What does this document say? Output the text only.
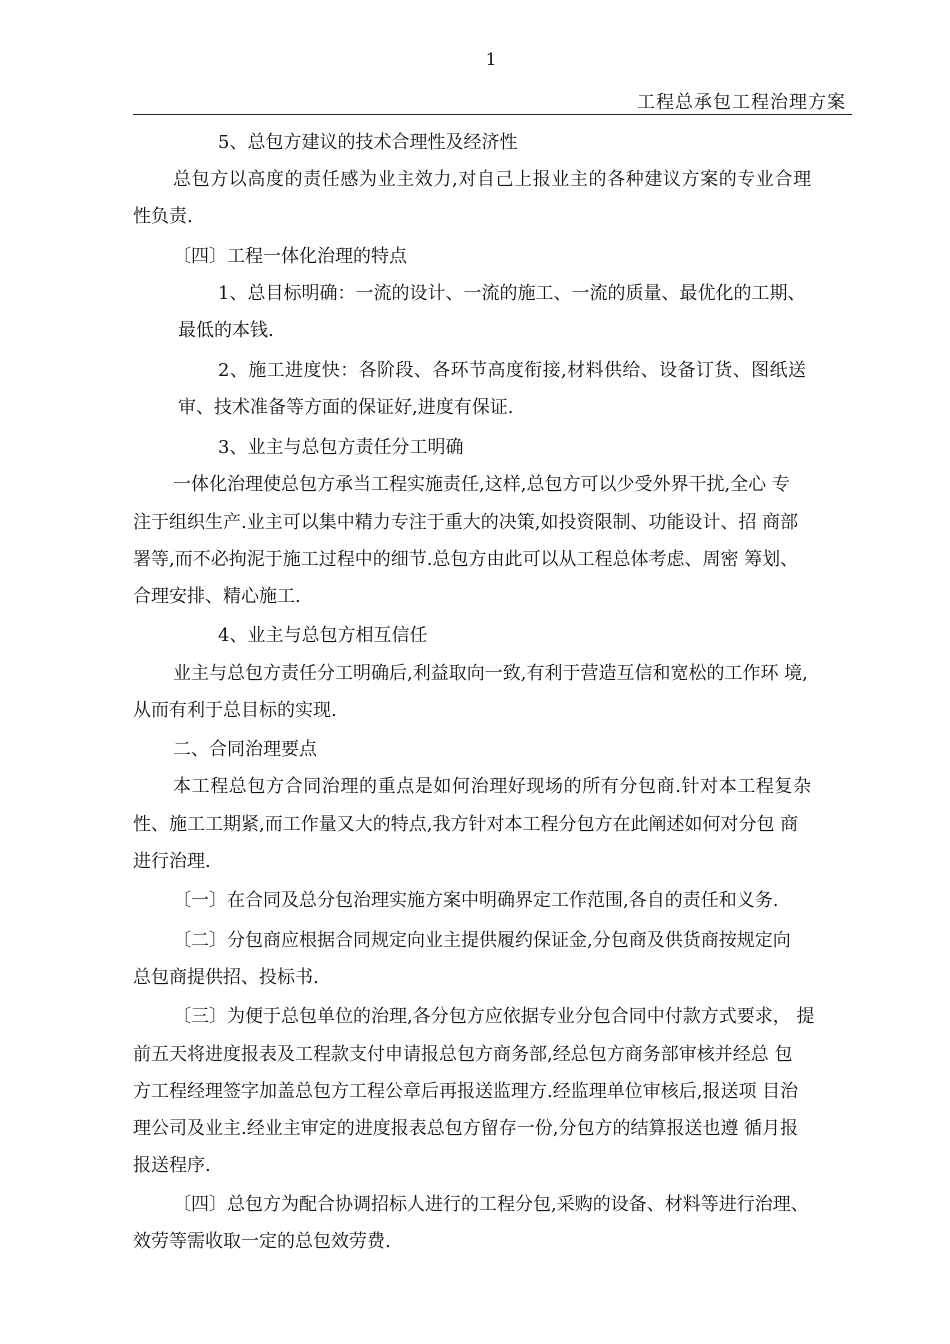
1
工程总承包工程治理方案
5、总包方建议的技术合理性及经济性
总包方以高度的责任感为业主效力,对自己上报业主的各种建议方案的专业合理
性负责.
〔四〕工程一体化治理的特点
1、总目标明确：一流的设计、一流的施工、一流的质量、最优化的工期、
最低的本钱.
2、施工进度快：各阶段、各环节高度衔接,材料供给、设备订货、图纸送
审、技术准备等方面的保证好,进度有保证.
3、业主与总包方责任分工明确
一体化治理使总包方承当工程实施责任,这样,总包方可以少受外界干扰,全心 专
注于组织生产.业主可以集中精力专注于重大的决策,如投资限制、功能设计、招 商部
署等,而不必拘泥于施工过程中的细节.总包方由此可以从工程总体考虑、周密 筹划、
合理安排、精心施工.
4、业主与总包方相互信任
业主与总包方责任分工明确后,利益取向一致,有利于营造互信和宽松的工作环 境,
从而有利于总目标的实现.
二、合同治理要点
本工程总包方合同治理的重点是如何治理好现场的所有分包商.针对本工程复杂
性、施工工期紧,而工作量又大的特点,我方针对本工程分包方在此阐述如何对分包 商
进行治理.
〔一〕在合同及总分包治理实施方案中明确界定工作范围,各自的责任和义务.
〔二〕分包商应根据合同规定向业主提供履约保证金,分包商及供货商按规定向
总包商提供招、投标书.
〔三〕为便于总包单位的治理,各分包方应依据专业分包合同中付款方式要求， 提
前五天将进度报表及工程款支付申请报总包方商务部,经总包方商务部审核并经总 包
方工程经理签字加盖总包方工程公章后再报送监理方.经监理单位审核后,报送项 目治
理公司及业主.经业主审定的进度报表总包方留存一份,分包方的结算报送也遵 循月报
报送程序.
〔四〕总包方为配合协调招标人进行的工程分包,采购的设备、材料等进行治理、
效劳等需收取一定的总包效劳费.
